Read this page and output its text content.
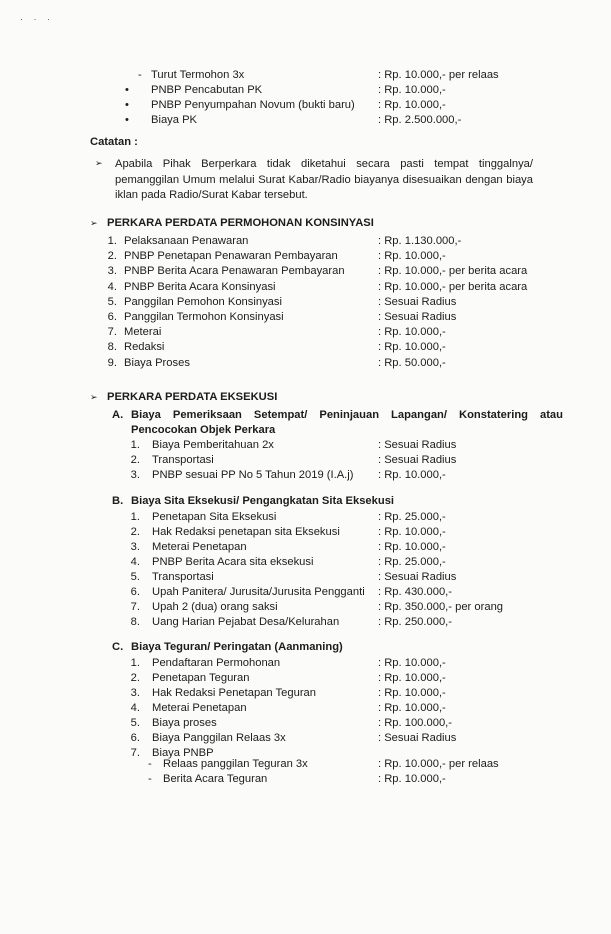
· · ·
- Turut Termohon 3x	: Rp. 10.000,- per relaas
• PNBP Pencabutan PK	: Rp. 10.000,-
• PNBP Penyumpahan Novum (bukti baru) : Rp. 10.000,-
• Biaya PK	: Rp. 2.500.000,-
Catatan :
➢ Apabila Pihak Berperkara tidak diketahui secara pasti tempat tinggalnya/ pemanggilan Umum melalui Surat Kabar/Radio biayanya disesuaikan dengan biaya iklan pada Radio/Surat Kabar tersebut.
➢ PERKARA PERDATA PERMOHONAN KONSINYASI
1. Pelaksanaan Penawaran	: Rp. 1.130.000,-
2. PNBP Penetapan Penawaran Pembayaran	: Rp. 10.000,-
3. PNBP Berita Acara Penawaran Pembayaran	: Rp. 10.000,- per berita acara
4. PNBP Berita Acara Konsinyasi	: Rp. 10.000,- per berita acara
5. Panggilan Pemohon Konsinyasi	: Sesuai Radius
6. Panggilan Termohon Konsinyasi	: Sesuai Radius
7. Meterai	: Rp. 10.000,-
8. Redaksi	: Rp. 10.000,-
9. Biaya Proses	: Rp. 50.000,-
➢ PERKARA PERDATA EKSEKUSI
A. Biaya Pemeriksaan Setempat/ Peninjauan Lapangan/ Konstatering atau
Pencocokan Objek Perkara
1. Biaya Pemberitahuan 2x	: Sesuai Radius
2. Transportasi	: Sesuai Radius
3. PNBP sesuai PP No 5 Tahun 2019 (I.A.j) : Rp. 10.000,-
B. Biaya Sita Eksekusi/ Pengangkatan Sita Eksekusi
1. Penetapan Sita Eksekusi	: Rp. 25.000,-
2. Hak Redaksi penetapan sita Eksekusi	: Rp. 10.000,-
3. Meterai Penetapan	: Rp. 10.000,-
4. PNBP Berita Acara sita eksekusi	: Rp. 25.000,-
5. Transportasi	: Sesuai Radius
6. Upah Panitera/ Jurusita/Jurusita Pengganti : Rp. 430.000,-
7. Upah 2 (dua) orang saksi	: Rp. 350.000,- per orang
8. Uang Harian Pejabat Desa/Kelurahan	: Rp. 250.000,-
C. Biaya Teguran/ Peringatan (Aanmaning)
1. Pendaftaran Permohonan	: Rp. 10.000,-
2. Penetapan Teguran	: Rp. 10.000,-
3. Hak Redaksi Penetapan Teguran	: Rp. 10.000,-
4. Meterai Penetapan	: Rp. 10.000,-
5. Biaya proses	: Rp. 100.000,-
6. Biaya Panggilan Relaas 3x	: Sesuai Radius
7. Biaya PNBP
- Relaas panggilan Teguran 3x	: Rp. 10.000,- per relaas
- Berita Acara Teguran	: Rp. 10.000,-
